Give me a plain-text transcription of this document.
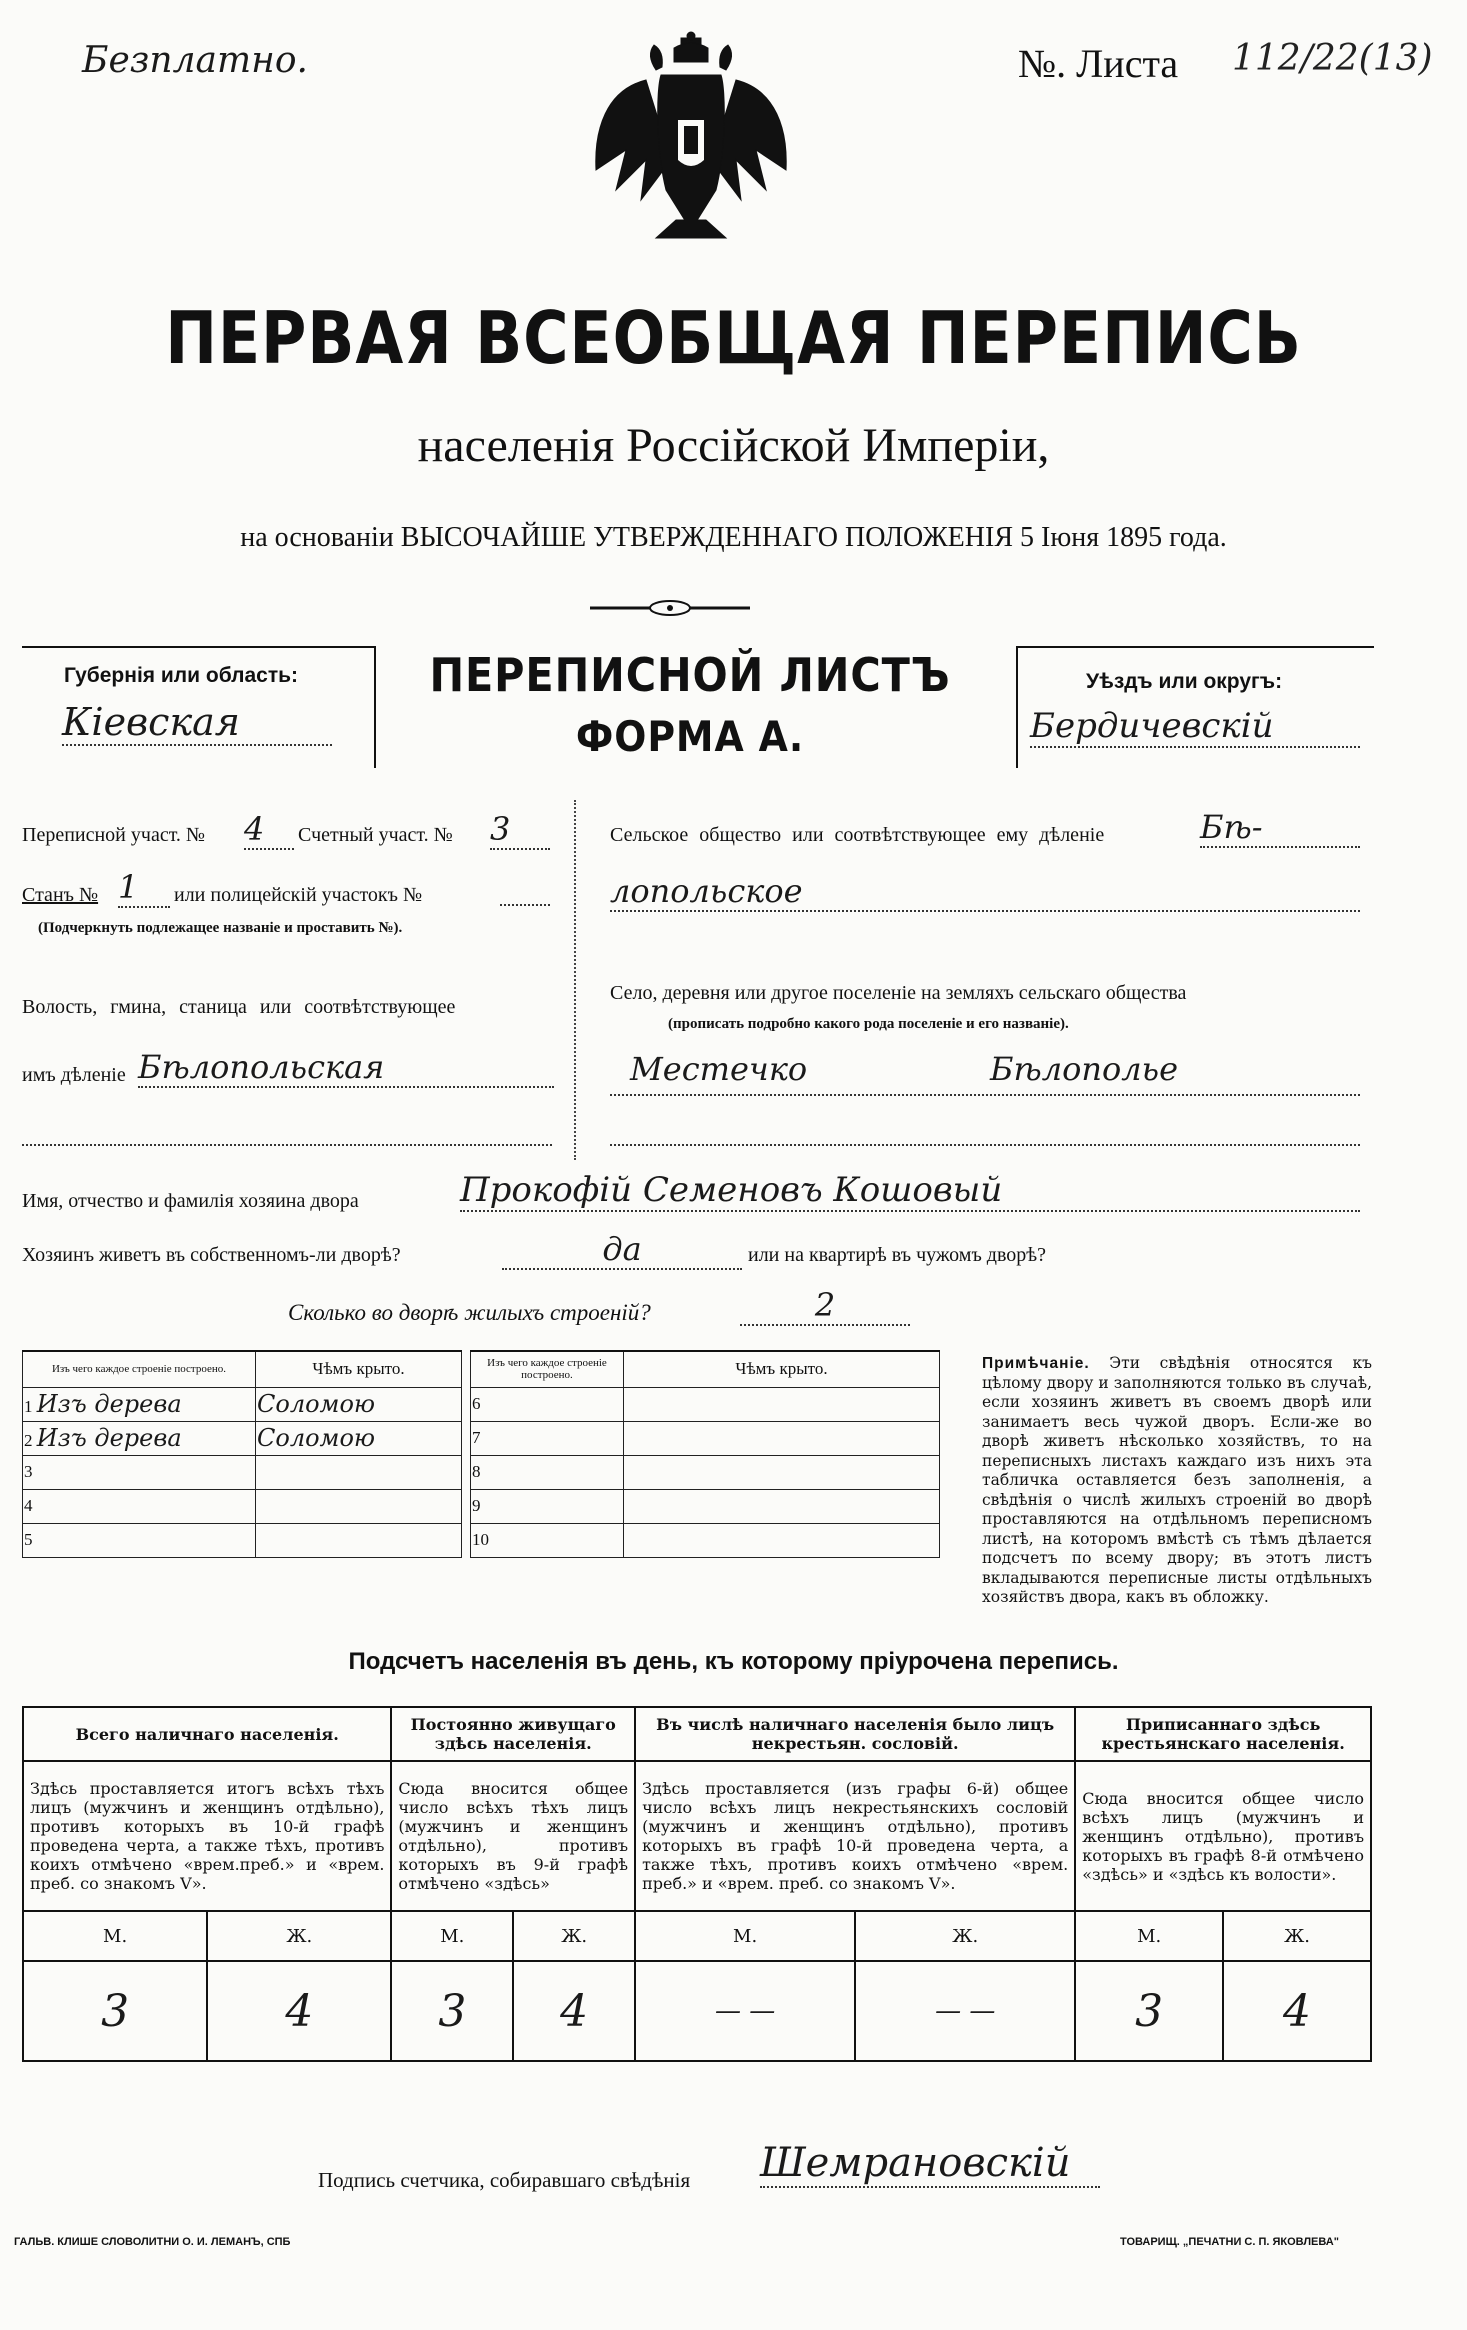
Безплатно.	№. Листа 112/22(13)
ПЕРВАЯ ВСЕОБЩАЯ ПЕРЕПИСЬ
населенія Россійской Имперіи,
на основаніи ВЫСОЧАЙШЕ УТВЕРЖДЕННАГО ПОЛОЖЕНІЯ 5 Іюня 1895 года.
Губернія или область:
Кіевская
ПЕРЕПИСНОЙ ЛИСТЪ
ФОРМА А.
Уѣздъ или округъ:
Бердичевскій
Переписной участ. № 4	Счетный участ. № 3
Станъ № 1	или полицейскій участокъ №
(Подчеркнуть подлежащее названіе и проставить №).
Волость, гмина, станица или соотвѣтствующее
имъ дѣленіе Бѣлопольская
Сельское общество или соотвѣтствующее ему дѣленіе	Бѣ-
лопольское
Село, деревня или другое поселеніе на земляхъ сельскаго общества
(прописать подробно какого рода поселеніе и его названіе).
Местечко	Бѣлополье
Имя, отчество и фамилія хозяина двора	Прокофій Семеновъ Кошовый
Хозяинъ живетъ въ собственномъ-ли дворѣ?	да	или на квартирѣ въ чужомъ дворѣ?
Сколько во дворѣ жилыхъ строеній?	2
Изъ чего каждое строеніе построено.	Чѣмъ крыто.
1 Изъ дерева	Соломою
2 Изъ дерева	Соломою
3	
4	
5	
Изъ чего каждое строеніе построено.	Чѣмъ крыто.
6	
7	
8	
9	
10	
Примѣчаніе. Эти свѣдѣнія относятся къ цѣлому двору и заполняются только въ случаѣ, если хозяинъ живетъ въ своемъ дворѣ или занимаетъ весь чужой дворъ. Если-же во дворѣ живетъ нѣсколько хозяйствъ, то на переписныхъ листахъ каждаго изъ нихъ эта табличка оставляется безъ заполненія, а свѣдѣнія о числѣ жилыхъ строеній во дворѣ проставляются на отдѣльномъ переписномъ листѣ, на которомъ вмѣстѣ съ тѣмъ дѣлается подсчетъ по всему двору; въ этотъ листъ вкладываются переписные листы отдѣльныхъ хозяйствъ двора, какъ въ обложку.
Подсчетъ населенія въ день, къ которому пріурочена перепись.
Всего наличнаго населенія.		Постоянно живущаго здѣсь населенія.		Въ числѣ наличнаго населенія было лицъ некрестьян. сословій.		Приписаннаго здѣсь крестьянскаго населенія.	
Здѣсь проставляется итогъ всѣхъ тѣхъ лицъ (мужчинъ и женщинъ отдѣльно), противъ которыхъ въ 10-й графѣ проведена черта, а также тѣхъ, противъ коихъ отмѣчено «врем.преб.» и «врем. преб. со знакомъ V».		Сюда вносится общее число всѣхъ тѣхъ лицъ (мужчинъ и женщинъ отдѣльно), противъ которыхъ въ 9-й графѣ отмѣчено «здѣсь»		Здѣсь проставляется (изъ графы 6-й) общее число всѣхъ лицъ некрестьянскихъ сословій (мужчинъ и женщинъ отдѣльно), противъ которыхъ въ графѣ 10-й проведена черта, а также тѣхъ, противъ коихъ отмѣчено «врем. преб.» и «врем. преб. со знакомъ V».		Сюда вносится общее число всѣхъ лицъ (мужчинъ и женщинъ отдѣльно), противъ которыхъ въ графѣ 8-й отмѣчено «здѣсь» и «здѣсь къ волости».	
М.	Ж.	М.	Ж.	М.	Ж.	М.	Ж.
3	4	3	4	— —	— —	3	4
Подпись счетчика, собиравшаго свѣдѣнія Шемрановскій
ГАЛЬВ. КЛИШЕ СЛОВОЛИТНИ О. И. ЛЕМАНЪ, СПБ	ТОВАРИЩ. „ПЕЧАТНИ С. П. ЯКОВЛЕВА"
